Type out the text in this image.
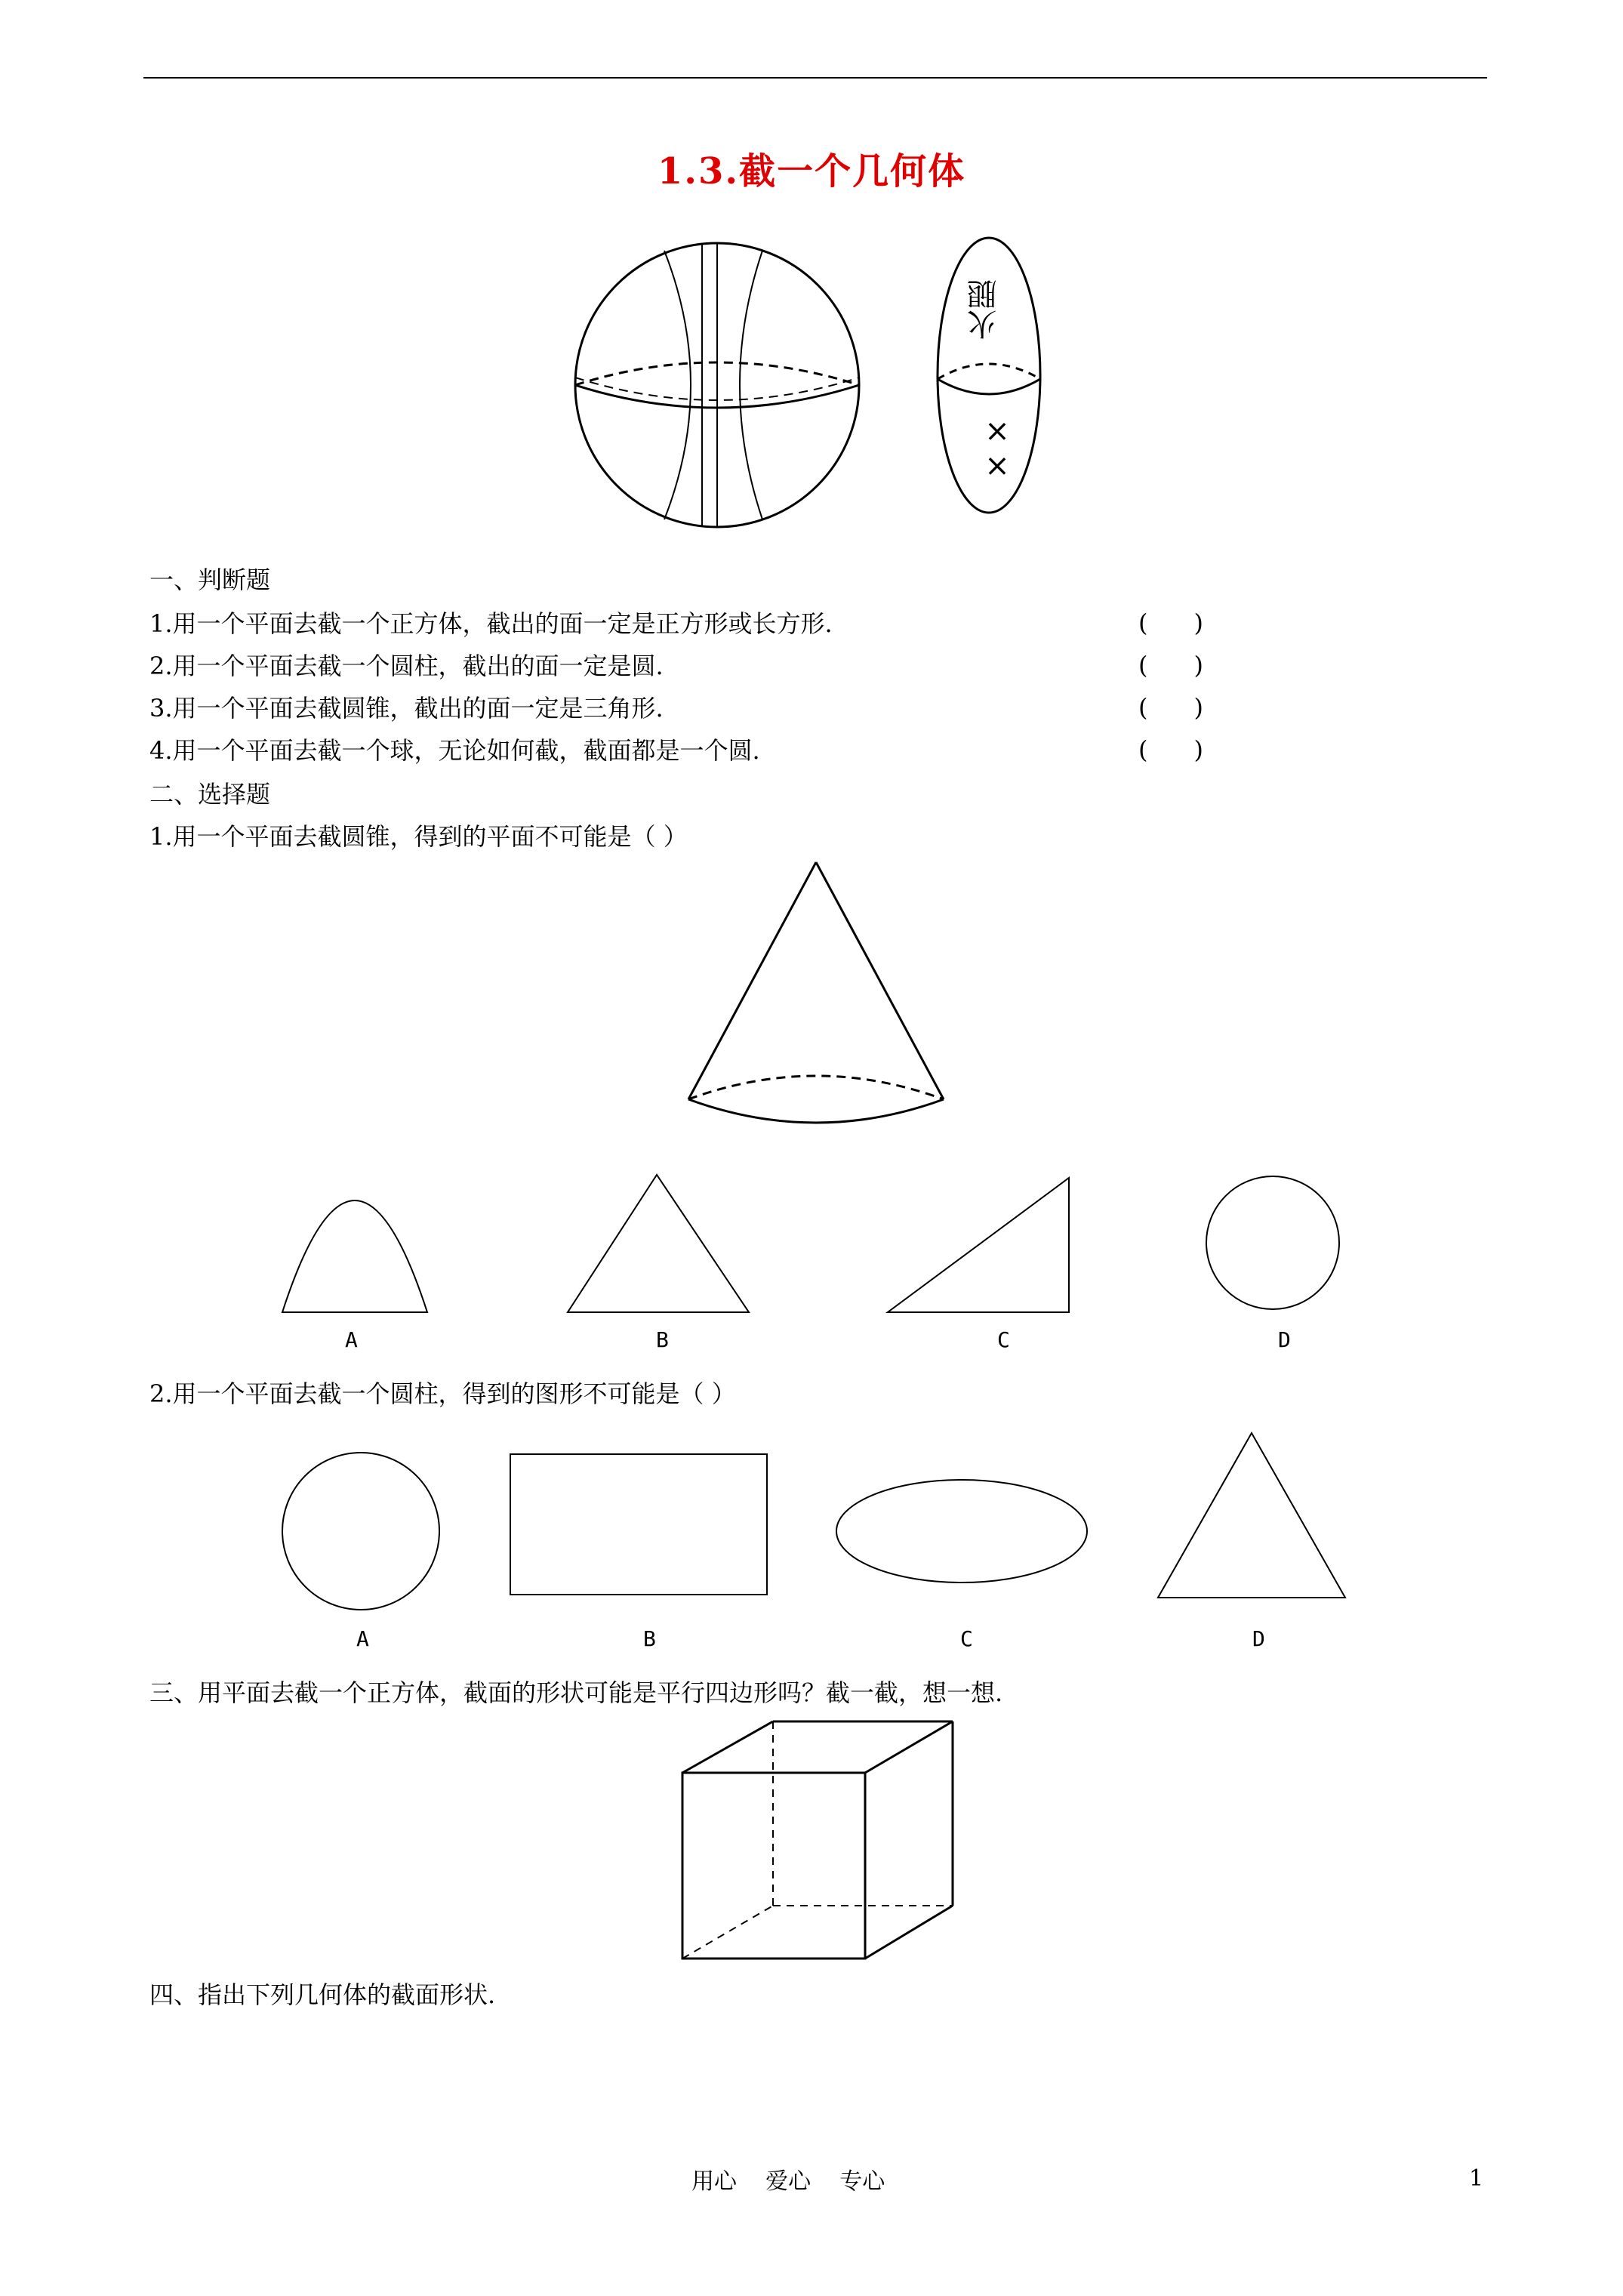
1.3.截一个几何体
火腿
××
一、判断题
1.用一个平面去截一个正方体，截出的面一定是正方形或长方形.	(      )
2.用一个平面去截一个圆柱，截出的面一定是圆.	(      )
3.用一个平面去截圆锥，截出的面一定是三角形.	(      )
4.用一个平面去截一个球，无论如何截，截面都是一个圆.	(      )
二、选择题
1.用一个平面去截圆锥，得到的平面不可能是（ ）
A	B	C	D
2.用一个平面去截一个圆柱，得到的图形不可能是（ ）
A	B	C	D
三、用平面去截一个正方体，截面的形状可能是平行四边形吗？截一截，想一想.
四、指出下列几何体的截面形状.
用心    爱心    专心	1
